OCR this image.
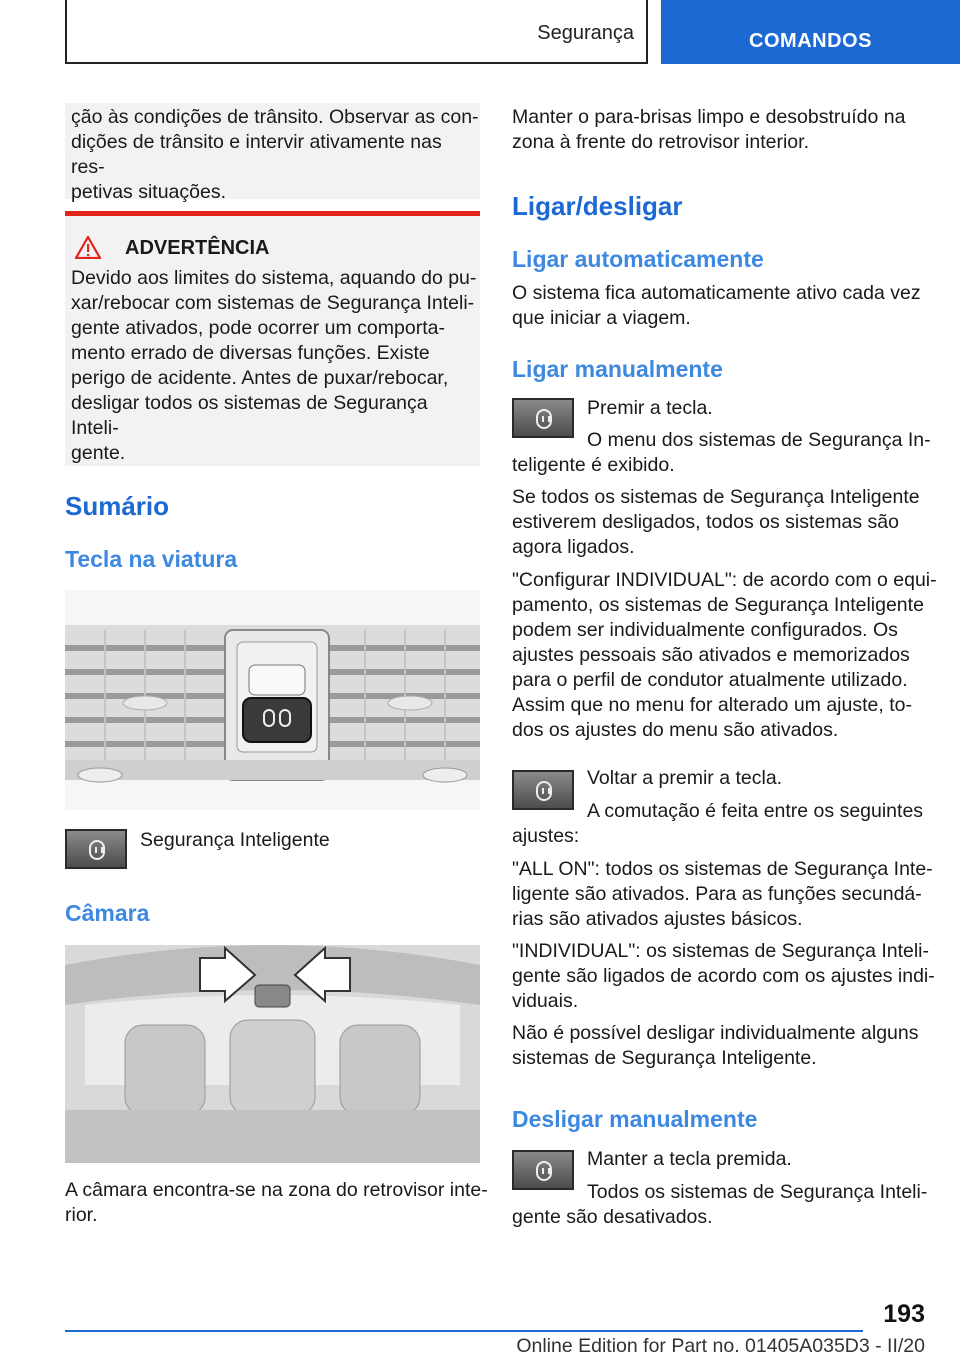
Segurança	COMANDOS

ção às condições de trânsito. Observar as con-

dições de trânsito e intervir ativamente nas res-

petivas situações.

ADVERTÊNCIA

Devido aos limites do sistema, aquando do pu-

xar/rebocar com sistemas de Segurança Inteli-

gente ativados, pode ocorrer um comporta-

mento errado de diversas funções. Existe

perigo de acidente. Antes de puxar/rebocar,

desligar todos os sistemas de Segurança Inteli-

gente.

Sumário
Tecla na viatura
Segurança Inteligente
Câmara

A câmara encontra-se na zona do retrovisor inte-

rior.

Manter o para-brisas limpo e desobstruído na

zona à frente do retrovisor interior.

Ligar/desligar
Ligar automaticamente

O sistema fica automaticamente ativo cada vez

que iniciar a viagem.

Ligar manualmente
Premir a tecla.
O menu dos sistemas de Segurança In-
teligente é exibido.

Se todos os sistemas de Segurança Inteligente

estiverem desligados, todos os sistemas são

agora ligados.

"Configurar INDIVIDUAL": de acordo com o equi-

pamento, os sistemas de Segurança Inteligente

podem ser individualmente configurados. Os

ajustes pessoais são ativados e memorizados

para o perfil de condutor atualmente utilizado.

Assim que no menu for alterado um ajuste, to-

dos os ajustes do menu são ativados.

Voltar a premir a tecla.
A comutação é feita entre os seguintes
ajustes:

"ALL ON": todos os sistemas de Segurança Inte-

ligente são ativados. Para as funções secundá-

rias são ativados ajustes básicos.

"INDIVIDUAL": os sistemas de Segurança Inteli-

gente são ligados de acordo com os ajustes indi-

viduais.

Não é possível desligar individualmente alguns

sistemas de Segurança Inteligente.

Desligar manualmente
Manter a tecla premida.
Todos os sistemas de Segurança Inteli-
gente são desativados.
193
Online Edition for Part no. 01405A035D3 - II/20
